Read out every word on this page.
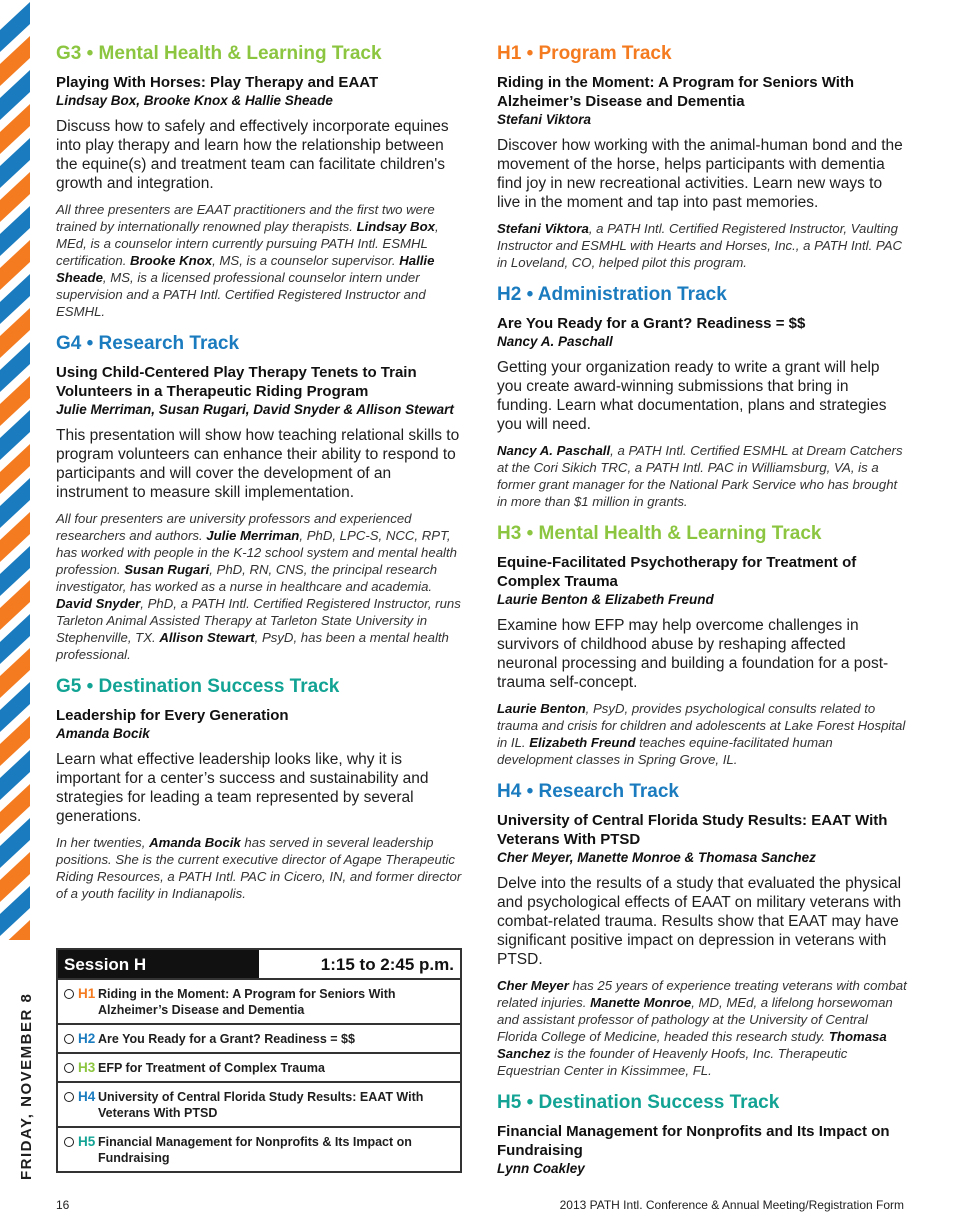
FRIDAY, NOVEMBER 8
G3 • Mental Health & Learning Track
Playing With Horses: Play Therapy and EAAT
Lindsay Box, Brooke Knox & Hallie Sheade

Discuss how to safely and effectively incorporate equines into play therapy and learn how the relationship between the equine(s) and treatment team can facilitate children's growth and integration.

All three presenters are EAAT practitioners and the first two were trained by internationally renowned play therapists. Lindsay Box, MEd, is a counselor intern currently pursuing PATH Intl. ESMHL certification. Brooke Knox, MS, is a counselor supervisor. Hallie Sheade, MS, is a licensed professional counselor intern under supervision and a PATH Intl. Certified Registered Instructor and ESMHL.

G4 • Research Track
Using Child-Centered Play Therapy Tenets to Train Volunteers in a Therapeutic Riding Program
Julie Merriman, Susan Rugari, David Snyder & Allison Stewart

This presentation will show how teaching relational skills to program volunteers can enhance their ability to respond to participants and will cover the development of an instrument to measure skill implementation.

All four presenters are university professors and experienced researchers and authors. Julie Merriman, PhD, LPC-S, NCC, RPT, has worked with people in the K-12 school system and mental health profession. Susan Rugari, PhD, RN, CNS, the principal research investigator, has worked as a nurse in healthcare and academia. David Snyder, PhD, a PATH Intl. Certified Registered Instructor, runs Tarleton Animal Assisted Therapy at Tarleton State University in Stephenville, TX. Allison Stewart, PsyD, has been a mental health professional.

G5 • Destination Success Track
Leadership for Every Generation
Amanda Bocik

Learn what effective leadership looks like, why it is important for a center’s success and sustainability and strategies for leading a team represented by several generations.

In her twenties, Amanda Bocik has served in several leadership positions. She is the current executive director of Agape Therapeutic Riding Resources, a PATH Intl. PAC in Cicero, IN, and former director of a youth facility in Indianapolis.

Session H	1:15 to 2:45 p.m.
H1 Riding in the Moment: A Program for Seniors With Alzheimer’s Disease and Dementia
H2 Are You Ready for a Grant? Readiness = $$
H3 EFP for Treatment of Complex Trauma
H4 University of Central Florida Study Results: EAAT With Veterans With PTSD
H5 Financial Management for Nonprofits & Its Impact on Fundraising
H1 • Program Track
Riding in the Moment: A Program for Seniors With Alzheimer’s Disease and Dementia
Stefani Viktora

Discover how working with the animal-human bond and the movement of the horse, helps participants with dementia find joy in new recreational activities. Learn new ways to live in the moment and tap into past memories.

Stefani Viktora, a PATH Intl. Certified Registered Instructor, Vaulting Instructor and ESMHL with Hearts and Horses, Inc., a PATH Intl. PAC in Loveland, CO, helped pilot this program.

H2 • Administration Track
Are You Ready for a Grant? Readiness = $$
Nancy A. Paschall

Getting your organization ready to write a grant will help you create award-winning submissions that bring in funding. Learn what documentation, plans and strategies you will need.

Nancy A. Paschall, a PATH Intl. Certified ESMHL at Dream Catchers at the Cori Sikich TRC, a PATH Intl. PAC in Williamsburg, VA, is a former grant manager for the National Park Service who has brought in more than $1 million in grants.

H3 • Mental Health & Learning Track
Equine-Facilitated Psychotherapy for Treatment of Complex Trauma
Laurie Benton & Elizabeth Freund

Examine how EFP may help overcome challenges in survivors of childhood abuse by reshaping affected neuronal processing and building a foundation for a post-trauma self-concept.

Laurie Benton, PsyD, provides psychological consults related to trauma and crisis for children and adolescents at Lake Forest Hospital in IL. Elizabeth Freund teaches equine-facilitated human development classes in Spring Grove, IL.

H4 • Research Track
University of Central Florida Study Results: EAAT With Veterans With PTSD
Cher Meyer, Manette Monroe & Thomasa Sanchez

Delve into the results of a study that evaluated the physical and psychological effects of EAAT on military veterans with combat-related trauma. Results show that EAAT may have significant positive impact on depression in veterans with PTSD.

Cher Meyer has 25 years of experience treating veterans with combat related injuries. Manette Monroe, MD, MEd, a lifelong horsewoman and assistant professor of pathology at the University of Central Florida College of Medicine, headed this research study. Thomasa Sanchez is the founder of Heavenly Hoofs, Inc. Therapeutic Equestrian Center in Kissimmee, FL.

H5 • Destination Success Track
Financial Management for Nonprofits and Its Impact on Fundraising
Lynn Coakley
16	2013 PATH Intl. Conference & Annual Meeting/Registration Form
